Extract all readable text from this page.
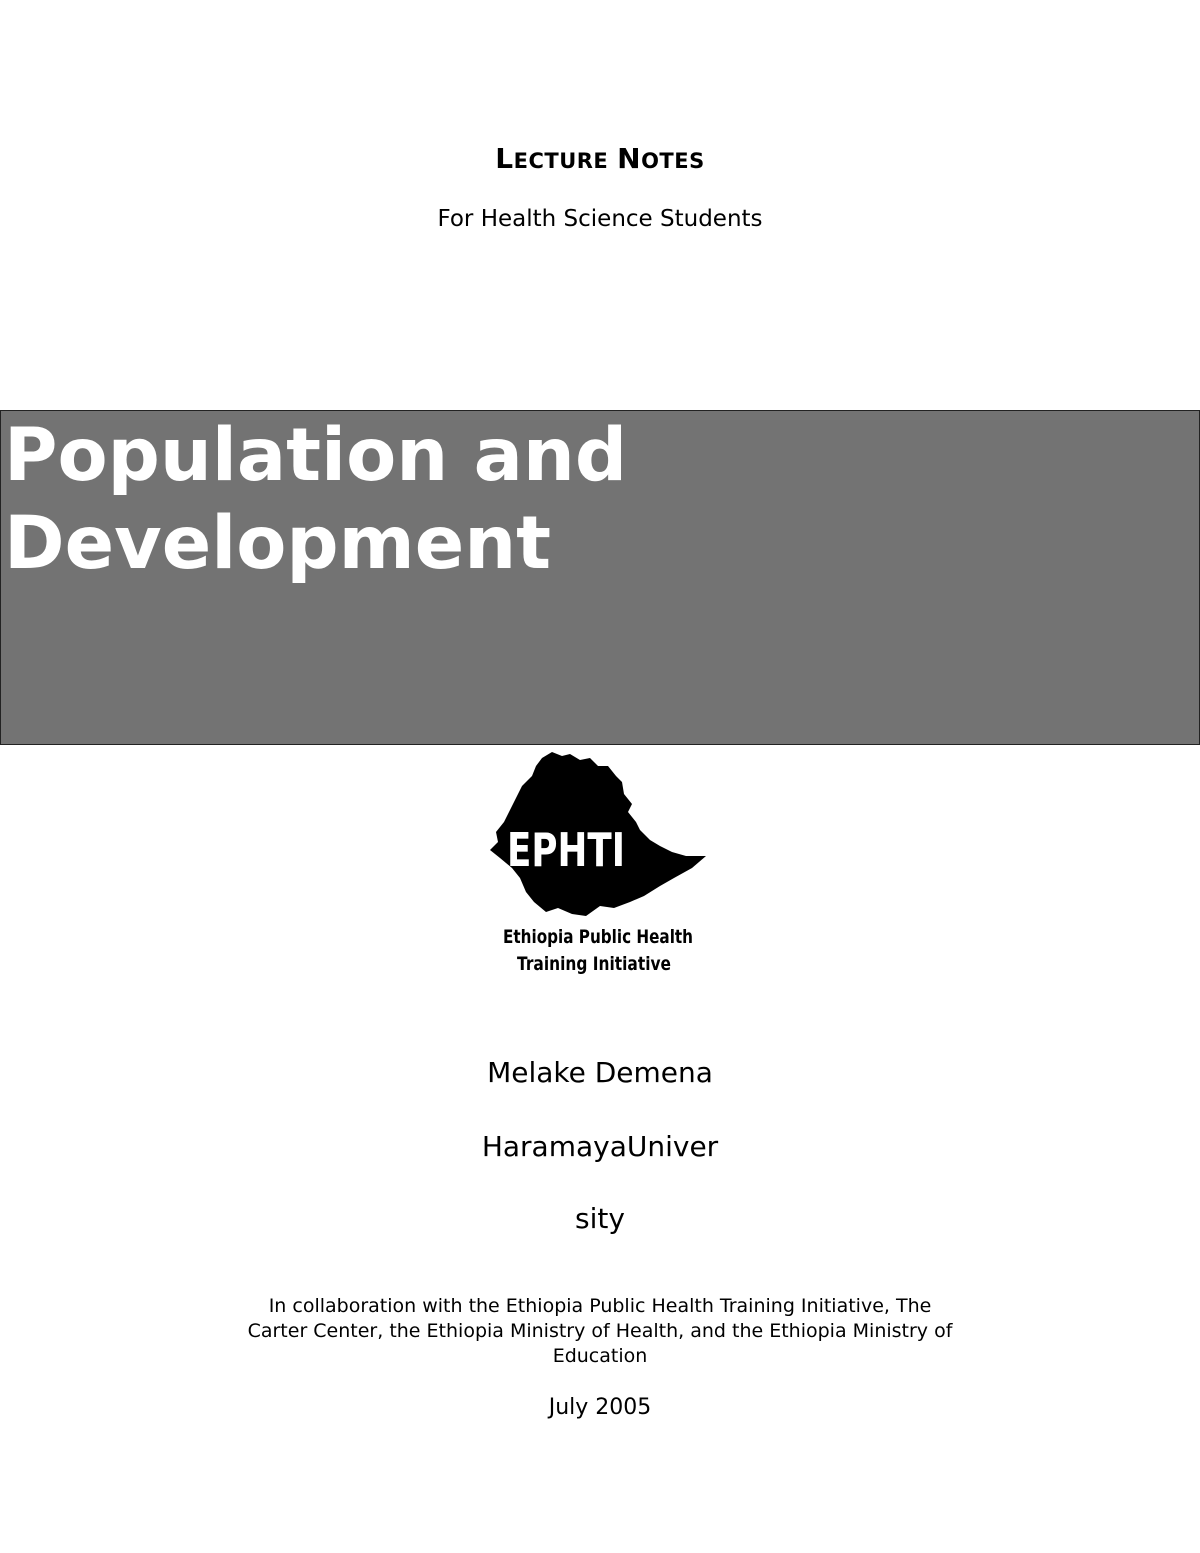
LECTURE NOTES
For Health Science Students
Population and
Development
EPHTI
Ethiopia Public Health
Training Initiative
Melake Demena
HaramayaUniver
sity
In collaboration with the Ethiopia Public Health Training Initiative, The
Carter Center, the Ethiopia Ministry of Health, and the Ethiopia Ministry of
Education
July 2005
